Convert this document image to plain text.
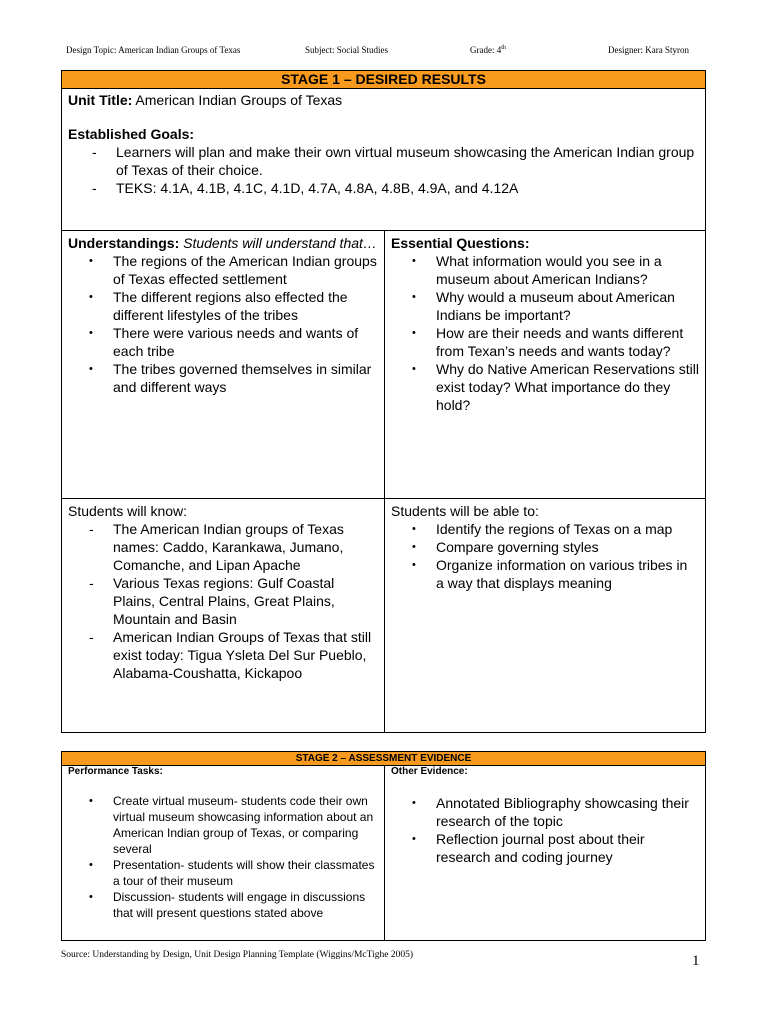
Design Topic: American Indian Groups of Texas	Subject: Social Studies	Grade: 4th	Designer: Kara Styron
STAGE 1 – DESIRED RESULTS
Unit Title: American Indian Groups of Texas
Established Goals:
- Learners will plan and make their own virtual museum showcasing the American Indian group of Texas of their choice.
- TEKS: 4.1A, 4.1B, 4.1C, 4.1D, 4.7A, 4.8A, 4.8B, 4.9A, and 4.12A
Understandings: Students will understand that…
• The regions of the American Indian groups of Texas effected settlement
• The different regions also effected the different lifestyles of the tribes
• There were various needs and wants of each tribe
• The tribes governed themselves in similar and different ways
Essential Questions:
• What information would you see in a museum about American Indians?
• Why would a museum about American Indians be important?
• How are their needs and wants different from Texan’s needs and wants today?
• Why do Native American Reservations still exist today? What importance do they hold?
Students will know:
- The American Indian groups of Texas names: Caddo, Karankawa, Jumano, Comanche, and Lipan Apache
- Various Texas regions: Gulf Coastal Plains, Central Plains, Great Plains, Mountain and Basin
- American Indian Groups of Texas that still exist today: Tigua Ysleta Del Sur Pueblo, Alabama-Coushatta, Kickapoo
Students will be able to:
• Identify the regions of Texas on a map
• Compare governing styles
• Organize information on various tribes in a way that displays meaning
STAGE 2 – ASSESSMENT EVIDENCE
Performance Tasks:
• Create virtual museum- students code their own virtual museum showcasing information about an American Indian group of Texas, or comparing several
• Presentation- students will show their classmates a tour of their museum
• Discussion- students will engage in discussions that will present questions stated above
Other Evidence:
• Annotated Bibliography showcasing their research of the topic
• Reflection journal post about their research and coding journey
Source: Understanding by Design, Unit Design Planning Template (Wiggins/McTighe 2005)	1
